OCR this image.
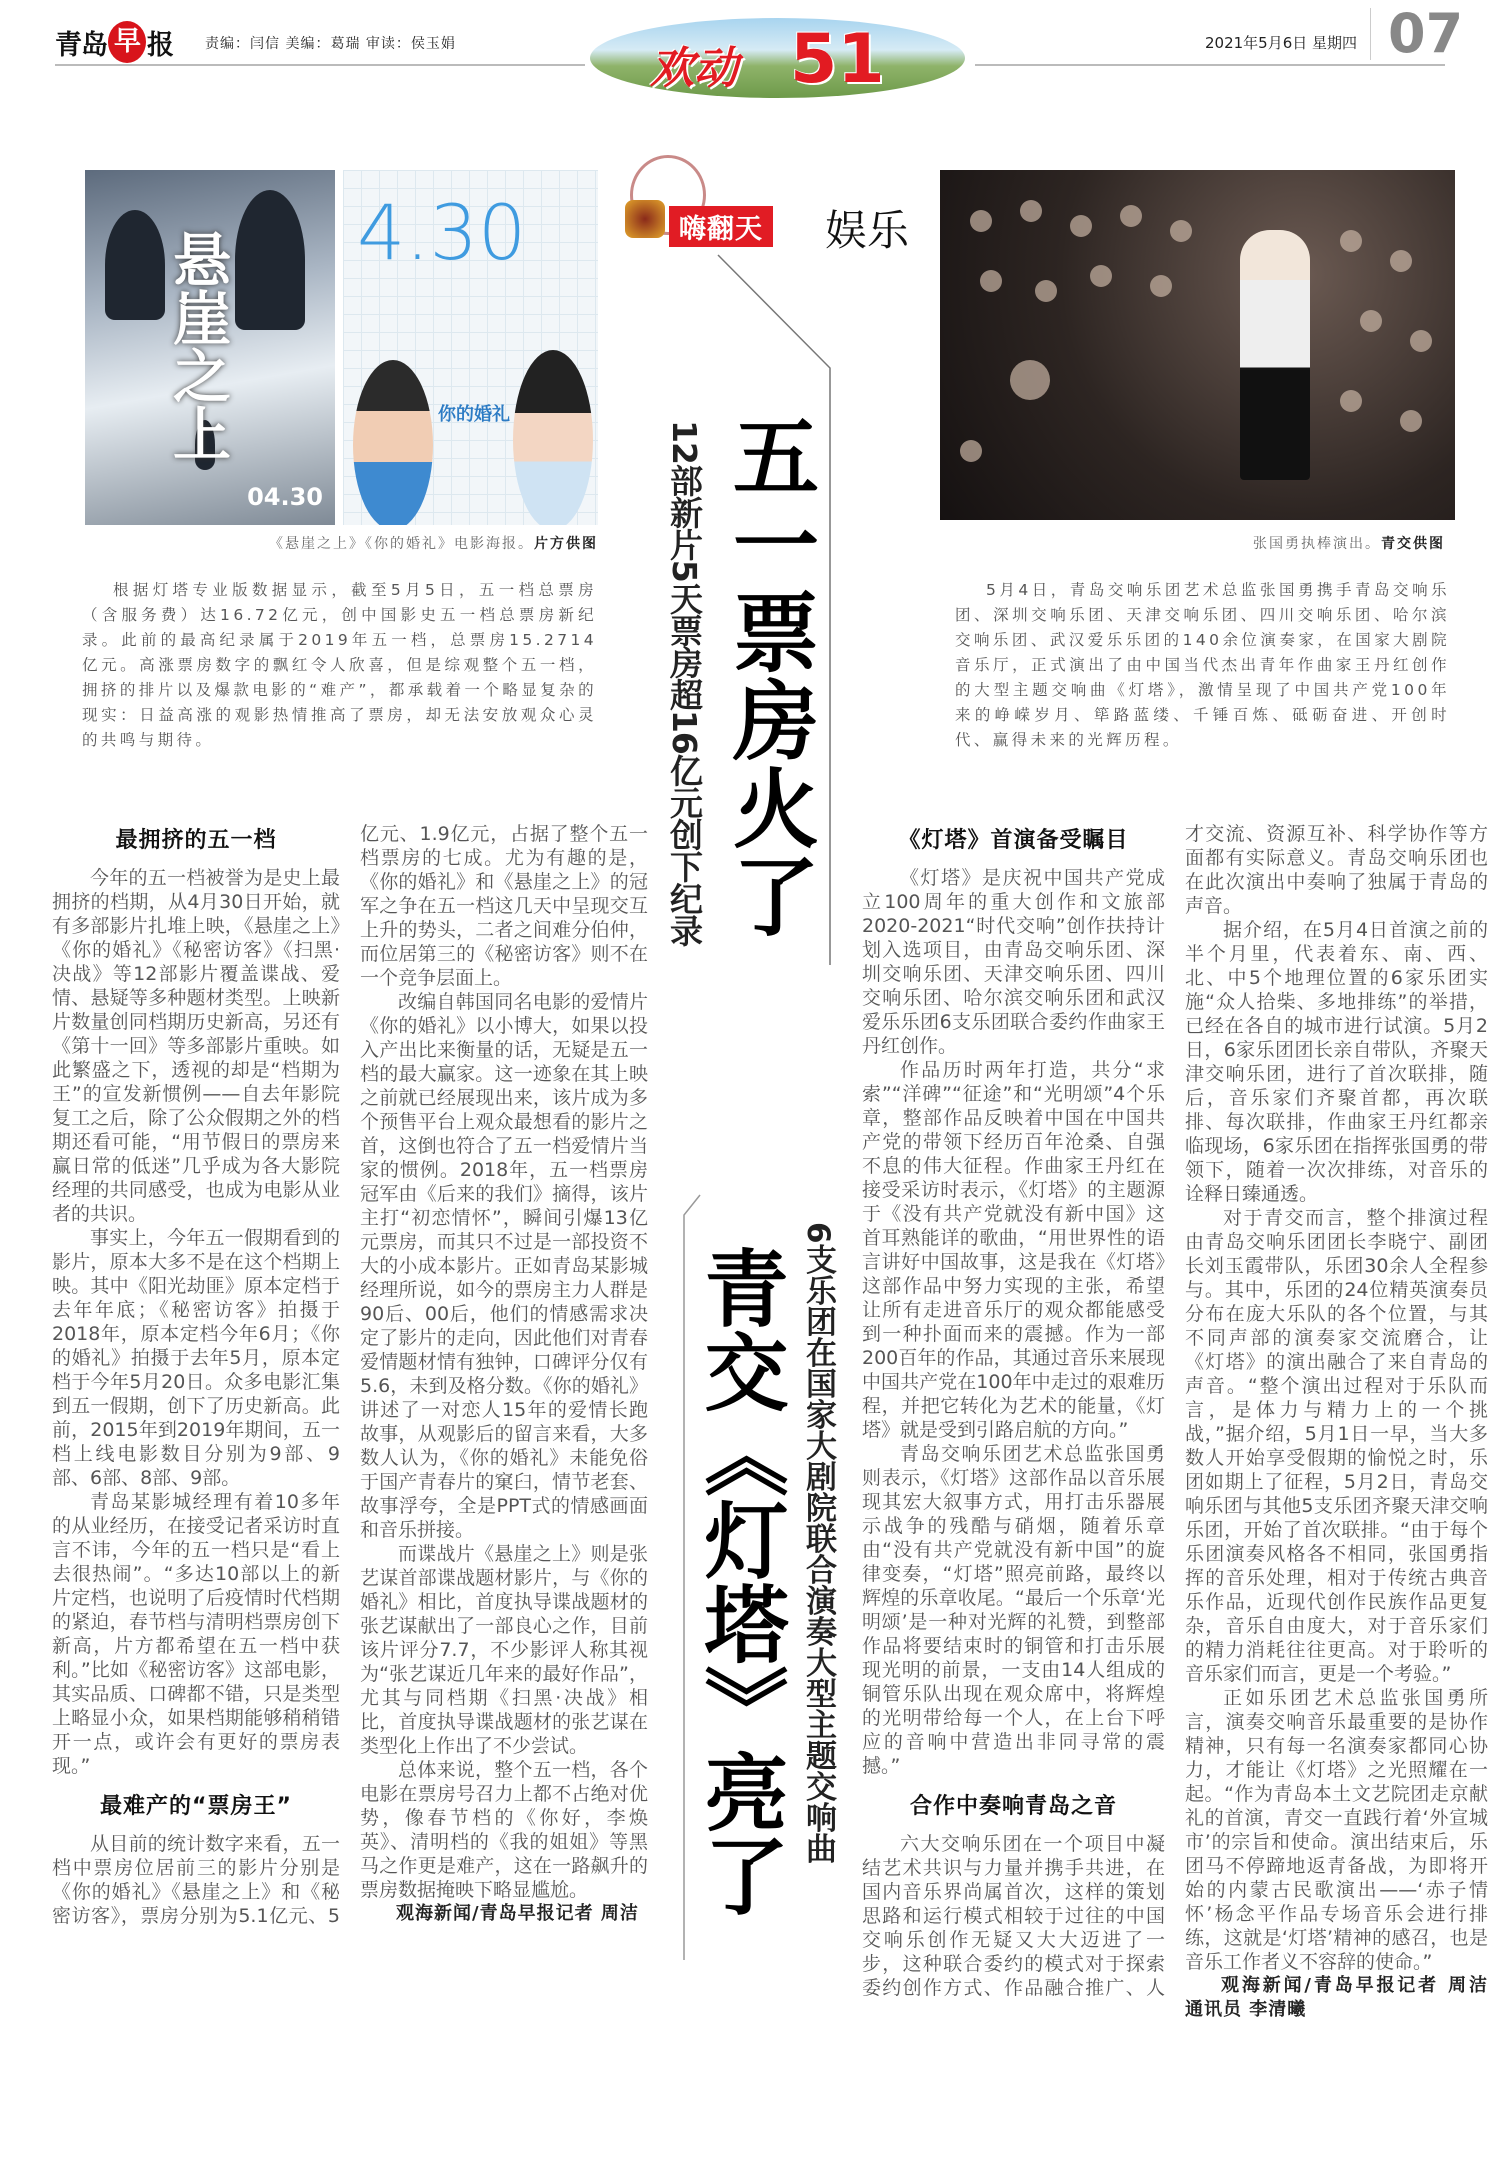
青岛 早 报 责编：闫信 美编：葛瑞 审读：侯玉娟	欢动 51	2021年5月6日 星期四 07
嗨翻天 娱乐
悬崖之上
04.30
4.30
你的婚礼
《悬崖之上》《你的婚礼》电影海报。片方供图
根据灯塔专业版数据显示，截至5月5日，五一档总票房（含服务费）达16.72亿元，创中国影史五一档总票房新纪录。此前的最高纪录属于2019年五一档，总票房15.2714亿元。高涨票房数字的飘红令人欣喜，但是综观整个五一档，拥挤的排片以及爆款电影的“难产”，都承载着一个略显复杂的现实：日益高涨的观影热情推高了票房，却无法安放观众心灵的共鸣与期待。
张国勇执棒演出。青交供图
5月4日，青岛交响乐团艺术总监张国勇携手青岛交响乐团、深圳交响乐团、天津交响乐团、四川交响乐团、哈尔滨交响乐团、武汉爱乐乐团的140余位演奏家，在国家大剧院音乐厅，正式演出了由中国当代杰出青年作曲家王丹红创作的大型主题交响曲《灯塔》，激情呈现了中国共产党100年来的峥嵘岁月、筚路蓝缕、千锤百炼、砥砺奋进、开创时代、赢得未来的光辉历程。
五一票房火了
12部新片5天票房超16亿元创下纪录
青交《灯塔》亮了 6支乐团在国家大剧院联合演奏大型主题交响曲
最拥挤的五一档

今年的五一档被誉为是史上最拥挤的档期，从4月30日开始，就有多部影片扎堆上映，《悬崖之上》《你的婚礼》《秘密访客》《扫黑·决战》等12部影片覆盖谍战、爱情、悬疑等多种题材类型。上映新片数量创同档期历史新高，另还有《第十一回》等多部影片重映。如此繁盛之下，透视的却是“档期为王”的宣发新惯例——自去年影院复工之后，除了公众假期之外的档期还看可能，“用节假日的票房来赢日常的低迷”几乎成为各大影院经理的共同感受，也成为电影从业者的共识。

事实上，今年五一假期看到的影片，原本大多不是在这个档期上映。其中《阳光劫匪》原本定档于去年年底；《秘密访客》拍摄于2018年，原本定档今年6月；《你的婚礼》拍摄于去年5月，原本定档于今年5月20日。众多电影汇集到五一假期，创下了历史新高。此前，2015年到2019年期间，五一档上线电影数目分别为9部、9部、6部、8部、9部。

青岛某影城经理有着10多年的从业经历，在接受记者采访时直言不讳，今年的五一档只是“看上去很热闹”。“多达10部以上的新片定档，也说明了后疫情时代档期的紧迫，春节档与清明档票房创下新高，片方都希望在五一档中获利。”比如《秘密访客》这部电影，其实品质、口碑都不错，只是类型上略显小众，如果档期能够稍稍错开一点，或许会有更好的票房表现。”

最难产的“票房王”

从目前的统计数字来看，五一档中票房位居前三的影片分别是《你的婚礼》《悬崖之上》和《秘密访客》，票房分别为5.1亿元、5亿元、1.9亿元，占据了整个五一档票房的七成。尤为有趣的是，《你的婚礼》和《悬崖之上》的冠军之争在五一档这几天中呈现交互上升的势头，二者之间难分伯仲，而位居第三的《秘密访客》则不在一个竞争层面上。

改编自韩国同名电影的爱情片《你的婚礼》以小博大，如果以投入产出比来衡量的话，无疑是五一档的最大赢家。这一迹象在其上映之前就已经展现出来，该片成为多个预售平台上观众最想看的影片之首，这倒也符合了五一档爱情片当家的惯例。2018年，五一档票房冠军由《后来的我们》摘得，该片主打“初恋情怀”，瞬间引爆13亿元票房，而其只不过是一部投资不大的小成本影片。正如青岛某影城经理所说，如今的票房主力人群是90后、00后，他们的情感需求决定了影片的走向，因此他们对青春爱情题材情有独钟，口碑评分仅有5.6，未到及格分数。《你的婚礼》讲述了一对恋人15年的爱情长跑故事，从观影后的留言来看，大多数人认为，《你的婚礼》未能免俗于国产青春片的窠臼，情节老套、故事浮夸，全是PPT式的情感画面和音乐拼接。

而谍战片《悬崖之上》则是张艺谋首部谍战题材影片，与《你的婚礼》相比，首度执导谍战题材的张艺谋献出了一部良心之作，目前该片评分7.7，不少影评人称其视为“张艺谋近几年来的最好作品”，尤其与同档期《扫黑·决战》相比，首度执导谍战题材的张艺谋在类型化上作出了不少尝试。

总体来说，整个五一档，各个电影在票房号召力上都不占绝对优势，像春节档的《你好，李焕英》、清明档的《我的姐姐》等黑马之作更是难产，这在一路飙升的票房数据掩映下略显尴尬。

观海新闻/青岛早报记者 周洁

《灯塔》首演备受瞩目

《灯塔》是庆祝中国共产党成立100周年的重大创作和文旅部2020-2021“时代交响”创作扶持计划入选项目，由青岛交响乐团、深圳交响乐团、天津交响乐团、四川交响乐团、哈尔滨交响乐团和武汉爱乐乐团6支乐团联合委约作曲家王丹红创作。

作品历时两年打造，共分“求索”“洋碑”“征途”和“光明颂”4个乐章，整部作品反映着中国在中国共产党的带领下经历百年沧桑、自强不息的伟大征程。作曲家王丹红在接受采访时表示，《灯塔》的主题源于《没有共产党就没有新中国》这首耳熟能详的歌曲，“用世界性的语言讲好中国故事，这是我在《灯塔》这部作品中努力实现的主张，希望让所有走进音乐厅的观众都能感受到一种扑面而来的震撼。作为一部200百年的作品，其通过音乐来展现中国共产党在100年中走过的艰难历程，并把它转化为艺术的能量，《灯塔》就是受到引路启航的方向。”

青岛交响乐团艺术总监张国勇则表示，《灯塔》这部作品以音乐展现其宏大叙事方式，用打击乐器展示战争的残酷与硝烟，随着乐章由“没有共产党就没有新中国”的旋律变奏，“灯塔”照亮前路，最终以辉煌的乐章收尾。“最后一个乐章‘光明颂’是一种对光辉的礼赞，到整部作品将要结束时的铜管和打击乐展现光明的前景，一支由14人组成的铜管乐队出现在观众席中，将辉煌的光明带给每一个人，在上台下呼应的音响中营造出非同寻常的震撼。”

合作中奏响青岛之音

六大交响乐团在一个项目中凝结艺术共识与力量并携手共进，在国内音乐界尚属首次，这样的策划思路和运行模式相较于过往的中国交响乐创作无疑又大大迈进了一步，这种联合委约的模式对于探索委约创作方式、作品融合推广、人才交流、资源互补、科学协作等方面都有实际意义。青岛交响乐团也在此次演出中奏响了独属于青岛的声音。

据介绍，在5月4日首演之前的半个月里，代表着东、南、西、北、中5个地理位置的6家乐团实施“众人拾柴、多地排练”的举措，已经在各自的城市进行试演。5月2日，6家乐团团长亲自带队，齐聚天津交响乐团，进行了首次联排，随后，音乐家们齐聚首都，再次联排、每次联排，作曲家王丹红都亲临现场，6家乐团在指挥张国勇的带领下，随着一次次排练，对音乐的诠释日臻通透。

对于青交而言，整个排演过程由青岛交响乐团团长李晓宁、副团长刘玉霞带队，乐团30余人全程参与。其中，乐团的24位精英演奏员分布在庞大乐队的各个位置，与其不同声部的演奏家交流磨合，让《灯塔》的演出融合了来自青岛的声音。“整个演出过程对于乐队而言，是体力与精力上的一个挑战，”据介绍，5月1日一早，当大多数人开始享受假期的愉悦之时，乐团如期上了征程，5月2日，青岛交响乐团与其他5支乐团齐聚天津交响乐团，开始了首次联排。“由于每个乐团演奏风格各不相同，张国勇指挥的音乐处理，相对于传统古典音乐作品，近现代创作民族作品更复杂，音乐自由度大，对于音乐家们的精力消耗往往更高。对于聆听的音乐家们而言，更是一个考验。”

正如乐团艺术总监张国勇所言，演奏交响音乐最重要的是协作精神，只有每一名演奏家都同心协力，才能让《灯塔》之光照耀在一起。“作为青岛本土文艺院团走京献礼的首演，青交一直践行着‘外宣城市’的宗旨和使命。演出结束后，乐团马不停蹄地返青备战，为即将开始的内蒙古民歌演出——‘赤子情怀’杨念平作品专场音乐会进行排练，这就是‘灯塔’精神的感召，也是音乐工作者义不容辞的使命。”

观海新闻/青岛早报记者 周洁 通讯员 李清曦
